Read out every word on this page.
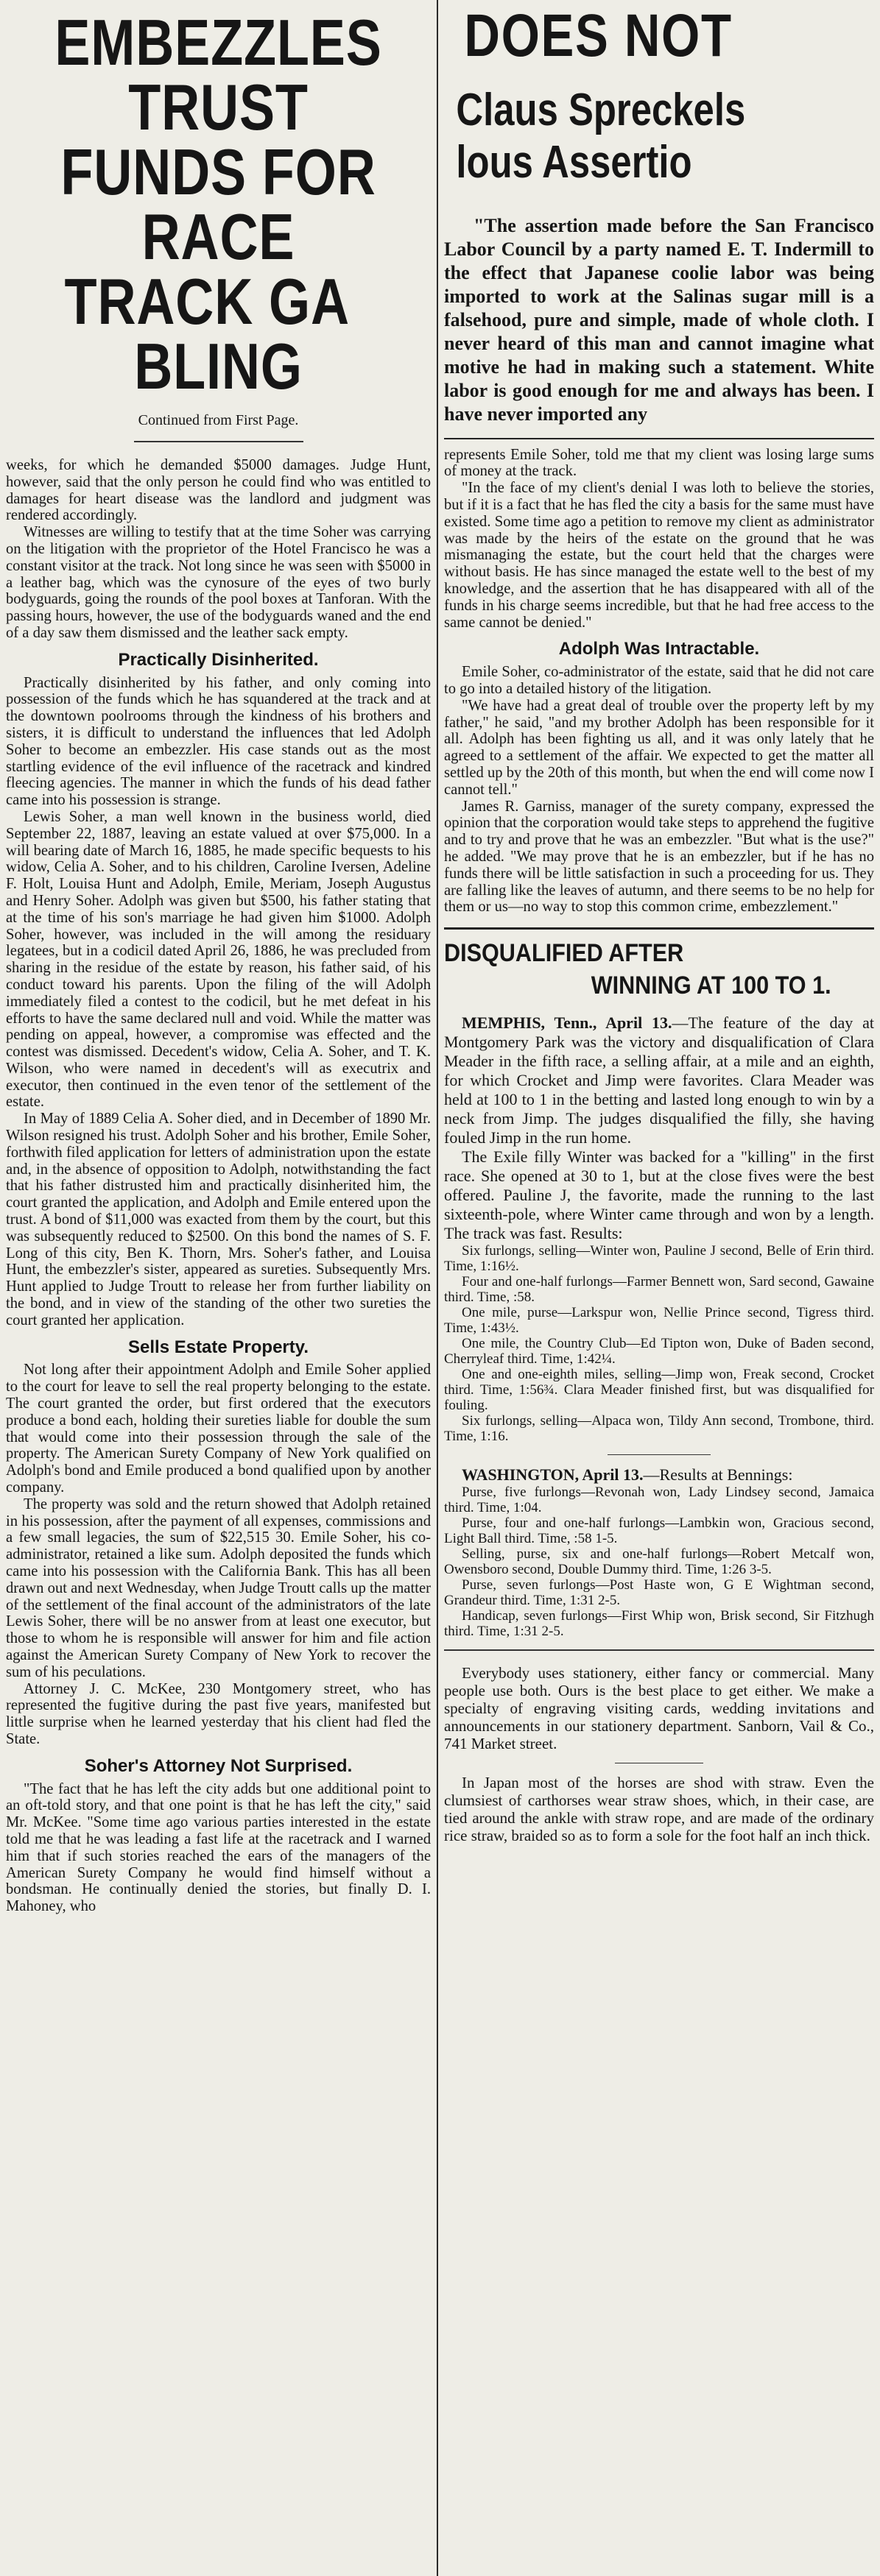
EMBEZZLES TRUST
FUNDS FOR RACE
TRACK GA  BLING
Continued from First Page.

weeks, for which he demanded $5000 damages. Judge Hunt, however, said that the only person he could find who was entitled to damages for heart disease was the landlord and judgment was rendered accordingly.

Witnesses are willing to testify that at the time Soher was carrying on the litigation with the proprietor of the Hotel Francisco he was a constant visitor at the track. Not long since he was seen with $5000 in a leather bag, which was the cynosure of the eyes of two burly bodyguards, going the rounds of the pool boxes at Tanforan. With the passing hours, however, the use of the bodyguards waned and the end of a day saw them dismissed and the leather sack empty.

Practically Disinherited.

Practically disinherited by his father, and only coming into possession of the funds which he has squandered at the track and at the downtown poolrooms through the kindness of his brothers and sisters, it is difficult to understand the influences that led Adolph Soher to become an embezzler. His case stands out as the most startling evidence of the evil influence of the racetrack and kindred fleecing agencies. The manner in which the funds of his dead father came into his possession is strange.

Lewis Soher, a man well known in the business world, died September 22, 1887, leaving an estate valued at over $75,000. In a will bearing date of March 16, 1885, he made specific bequests to his widow, Celia A. Soher, and to his children, Caroline Iversen, Adeline F. Holt, Louisa Hunt and Adolph, Emile, Meriam, Joseph Augustus and Henry Soher. Adolph was given but $500, his father stating that at the time of his son's marriage he had given him $1000. Adolph Soher, however, was included in the will among the residuary legatees, but in a codicil dated April 26, 1886, he was precluded from sharing in the residue of the estate by reason, his father said, of his conduct toward his parents. Upon the filing of the will Adolph immediately filed a contest to the codicil, but he met defeat in his efforts to have the same declared null and void. While the matter was pending on appeal, however, a compromise was effected and the contest was dismissed. Decedent's widow, Celia A. Soher, and T. K. Wilson, who were named in decedent's will as executrix and executor, then continued in the even tenor of the settlement of the estate.

In May of 1889 Celia A. Soher died, and in December of 1890 Mr. Wilson resigned his trust. Adolph Soher and his brother, Emile Soher, forthwith filed application for letters of administration upon the estate and, in the absence of opposition to Adolph, notwithstanding the fact that his father distrusted him and practically disinherited him, the court granted the application, and Adolph and Emile entered upon the trust. A bond of $11,000 was exacted from them by the court, but this was subsequently reduced to $2500. On this bond the names of S. F. Long of this city, Ben K. Thorn, Mrs. Soher's father, and Louisa Hunt, the embezzler's sister, appeared as sureties. Subsequently Mrs. Hunt applied to Judge Troutt to release her from further liability on the bond, and in view of the standing of the other two sureties the court granted her application.

Sells Estate Property.

Not long after their appointment Adolph and Emile Soher applied to the court for leave to sell the real property belonging to the estate. The court granted the order, but first ordered that the executors produce a bond each, holding their sureties liable for double the sum that would come into their possession through the sale of the property. The American Surety Company of New York qualified on Adolph's bond and Emile produced a bond qualified upon by another company.

The property was sold and the return showed that Adolph retained in his possession, after the payment of all expenses, commissions and a few small legacies, the sum of $22,515 30. Emile Soher, his co-administrator, retained a like sum. Adolph deposited the funds which came into his possession with the California Bank. This has all been drawn out and next Wednesday, when Judge Troutt calls up the matter of the settlement of the final account of the administrators of the late Lewis Soher, there will be no answer from at least one executor, but those to whom he is responsible will answer for him and file action against the American Surety Company of New York to recover the sum of his peculations.

Attorney J. C. McKee, 230 Montgomery street, who has represented the fugitive during the past five years, manifested but little surprise when he learned yesterday that his client had fled the State.

Soher's Attorney Not Surprised.

"The fact that he has left the city adds but one additional point to an oft-told story, and that one point is that he has left the city," said Mr. McKee. "Some time ago various parties interested in the estate told me that he was leading a fast life at the racetrack and I warned him that if such stories reached the ears of the managers of the American Surety Company he would find himself without a bondsman. He continually denied the stories, but finally D. I. Mahoney, who

DOES NOT
Claus Spreckels
lous Assertio

"The assertion made before the San Francisco Labor Council by a party named E. T. Indermill to the effect that Japanese coolie labor was being imported to work at the Salinas sugar mill is a falsehood, pure and simple, made of whole cloth. I never heard of this man and cannot imagine what motive he had in making such a statement. White labor is good enough for me and always has been. I have never imported any

represents Emile Soher, told me that my client was losing large sums of money at the track.

"In the face of my client's denial I was loth to believe the stories, but if it is a fact that he has fled the city a basis for the same must have existed. Some time ago a petition to remove my client as administrator was made by the heirs of the estate on the ground that he was mismanaging the estate, but the court held that the charges were without basis. He has since managed the estate well to the best of my knowledge, and the assertion that he has disappeared with all of the funds in his charge seems incredible, but that he had free access to the same cannot be denied."

Adolph Was Intractable.

Emile Soher, co-administrator of the estate, said that he did not care to go into a detailed history of the litigation.

"We have had a great deal of trouble over the property left by my father," he said, "and my brother Adolph has been responsible for it all. Adolph has been fighting us all, and it was only lately that he agreed to a settlement of the affair. We expected to get the matter all settled up by the 20th of this month, but when the end will come now I cannot tell."

James R. Garniss, manager of the surety company, expressed the opinion that the corporation would take steps to apprehend the fugitive and to try and prove that he was an embezzler. "But what is the use?" he added. "We may prove that he is an embezzler, but if he has no funds there will be little satisfaction in such a proceeding for us. They are falling like the leaves of autumn, and there seems to be no help for them or us—no way to stop this common crime, embezzlement."

DISQUALIFIED AFTER
WINNING AT 100 TO 1.

MEMPHIS, Tenn., April 13.—The feature of the day at Montgomery Park was the victory and disqualification of Clara Meader in the fifth race, a selling affair, at a mile and an eighth, for which Crocket and Jimp were favorites. Clara Meader was held at 100 to 1 in the betting and lasted long enough to win by a neck from Jimp. The judges disqualified the filly, she having fouled Jimp in the run home.

The Exile filly Winter was backed for a "killing" in the first race. She opened at 30 to 1, but at the close fives were the best offered. Pauline J, the favorite, made the running to the last sixteenth-pole, where Winter came through and won by a length. The track was fast. Results:

Six furlongs, selling—Winter won, Pauline J second, Belle of Erin third. Time, 1:16½.

Four and one-half furlongs—Farmer Bennett won, Sard second, Gawaine third. Time, :58.

One mile, purse—Larkspur won, Nellie Prince second, Tigress third. Time, 1:43½.

One mile, the Country Club—Ed Tipton won, Duke of Baden second, Cherryleaf third. Time, 1:42¼.

One and one-eighth miles, selling—Jimp won, Freak second, Crocket third. Time, 1:56¾. Clara Meader finished first, but was disqualified for fouling.

Six furlongs, selling—Alpaca won, Tildy Ann second, Trombone, third. Time, 1:16.

WASHINGTON, April 13.—Results at Bennings:

Purse, five furlongs—Revonah won, Lady Lindsey second, Jamaica third. Time, 1:04.

Purse, four and one-half furlongs—Lambkin won, Gracious second, Light Ball third. Time, :58 1-5.

Selling, purse, six and one-half furlongs—Robert Metcalf won, Owensboro second, Double Dummy third. Time, 1:26 3-5.

Purse, seven furlongs—Post Haste won, G E Wightman second, Grandeur third. Time, 1:31 2-5.

Handicap, seven furlongs—First Whip won, Brisk second, Sir Fitzhugh third. Time, 1:31 2-5.

Everybody uses stationery, either fancy or commercial. Many people use both. Ours is the best place to get either. We make a specialty of engraving visiting cards, wedding invitations and announcements in our stationery department. Sanborn, Vail & Co., 741 Market street.

In Japan most of the horses are shod with straw. Even the clumsiest of carthorses wear straw shoes, which, in their case, are tied around the ankle with straw rope, and are made of the ordinary rice straw, braided so as to form a sole for the foot half an inch thick.
